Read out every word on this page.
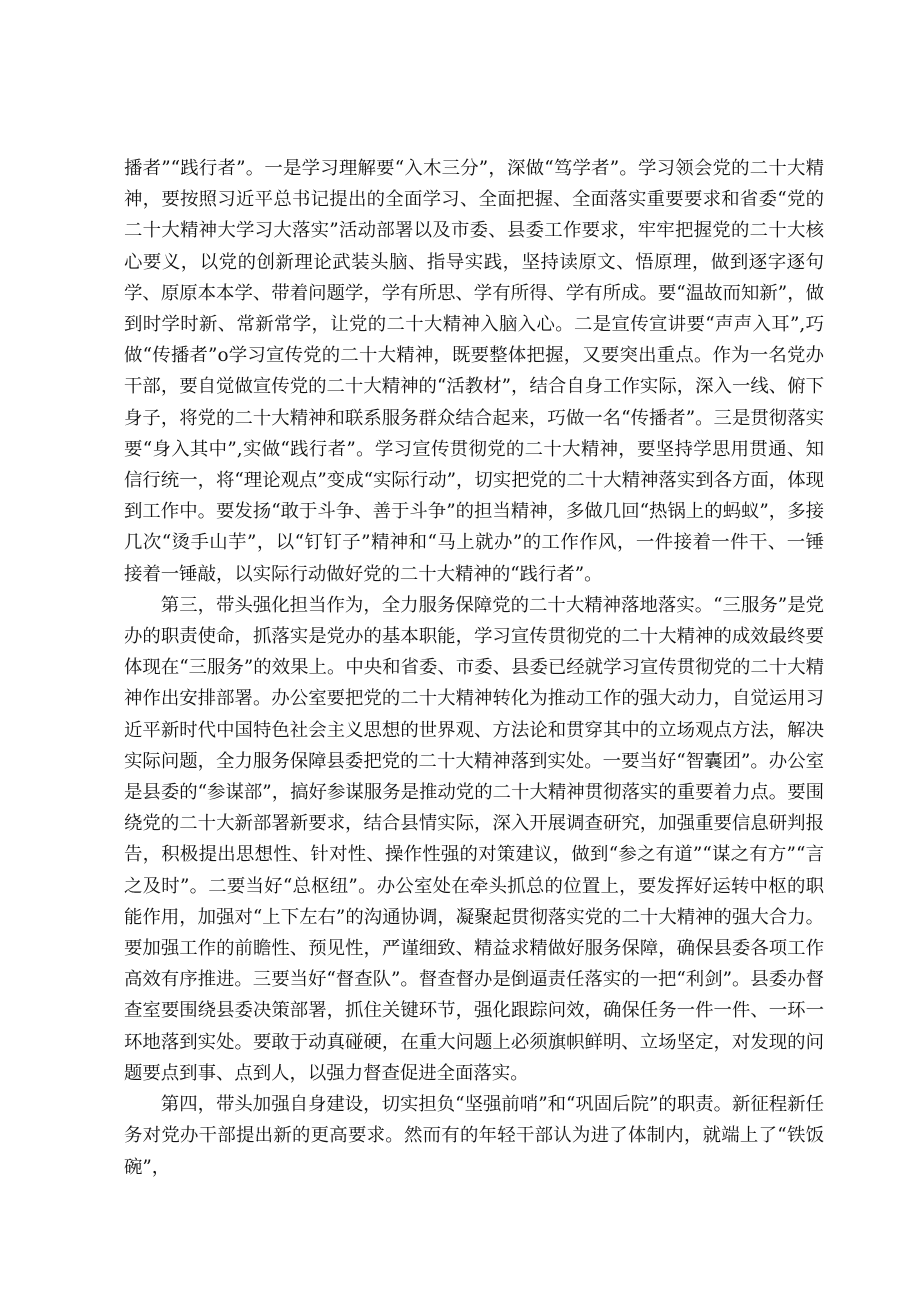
播者”“践行者”。一是学习理解要“入木三分”，深做“笃学者”。学习领会党的二十大精神，要按照习近平总书记提出的全面学习、全面把握、全面落实重要要求和省委“党的二十大精神大学习大落实”活动部署以及市委、县委工作要求，牢牢把握党的二十大核心要义，以党的创新理论武装头脑、指导实践，坚持读原文、悟原理，做到逐字逐句学、原原本本学、带着问题学，学有所思、学有所得、学有所成。要“温故而知新”，做到时学时新、常新常学，让党的二十大精神入脑入心。二是宣传宣讲要“声声入耳”,巧做“传播者”o学习宣传党的二十大精神，既要整体把握，又要突出重点。作为一名党办干部，要自觉做宣传党的二十大精神的“活教材”，结合自身工作实际，深入一线、俯下身子，将党的二十大精神和联系服务群众结合起来，巧做一名“传播者”。三是贯彻落实要“身入其中”,实做“践行者”。学习宣传贯彻党的二十大精神，要坚持学思用贯通、知信行统一，将“理论观点”变成“实际行动”，切实把党的二十大精神落实到各方面，体现到工作中。要发扬“敢于斗争、善于斗争”的担当精神，多做几回“热锅上的蚂蚁”，多接几次“烫手山芋”，以“钉钉子”精神和“马上就办”的工作作风，一件接着一件干、一锤接着一锤敲，以实际行动做好党的二十大精神的“践行者”。

第三，带头强化担当作为，全力服务保障党的二十大精神落地落实。“三服务”是党办的职责使命，抓落实是党办的基本职能，学习宣传贯彻党的二十大精神的成效最终要体现在“三服务”的效果上。中央和省委、市委、县委已经就学习宣传贯彻党的二十大精神作出安排部署。办公室要把党的二十大精神转化为推动工作的强大动力，自觉运用习近平新时代中国特色社会主义思想的世界观、方法论和贯穿其中的立场观点方法，解决实际问题，全力服务保障县委把党的二十大精神落到实处。一要当好“智囊团”。办公室是县委的“参谋部”，搞好参谋服务是推动党的二十大精神贯彻落实的重要着力点。要围绕党的二十大新部署新要求，结合县情实际，深入开展调查研究，加强重要信息研判报告，积极提出思想性、针对性、操作性强的对策建议，做到“参之有道”“谋之有方”“言之及时”。二要当好“总枢纽”。办公室处在牵头抓总的位置上，要发挥好运转中枢的职能作用，加强对“上下左右”的沟通协调，凝聚起贯彻落实党的二十大精神的强大合力。要加强工作的前瞻性、预见性，严谨细致、精益求精做好服务保障，确保县委各项工作高效有序推进。三要当好“督查队”。督查督办是倒逼责任落实的一把“利剑”。县委办督查室要围绕县委决策部署，抓住关键环节，强化跟踪问效，确保任务一件一件、一环一环地落到实处。要敢于动真碰硬，在重大问题上必须旗帜鲜明、立场坚定，对发现的问题要点到事、点到人，以强力督查促进全面落实。

第四，带头加强自身建设，切实担负“坚强前哨”和“巩固后院”的职责。新征程新任务对党办干部提出新的更高要求。然而有的年轻干部认为进了体制内，就端上了“铁饭碗”，
